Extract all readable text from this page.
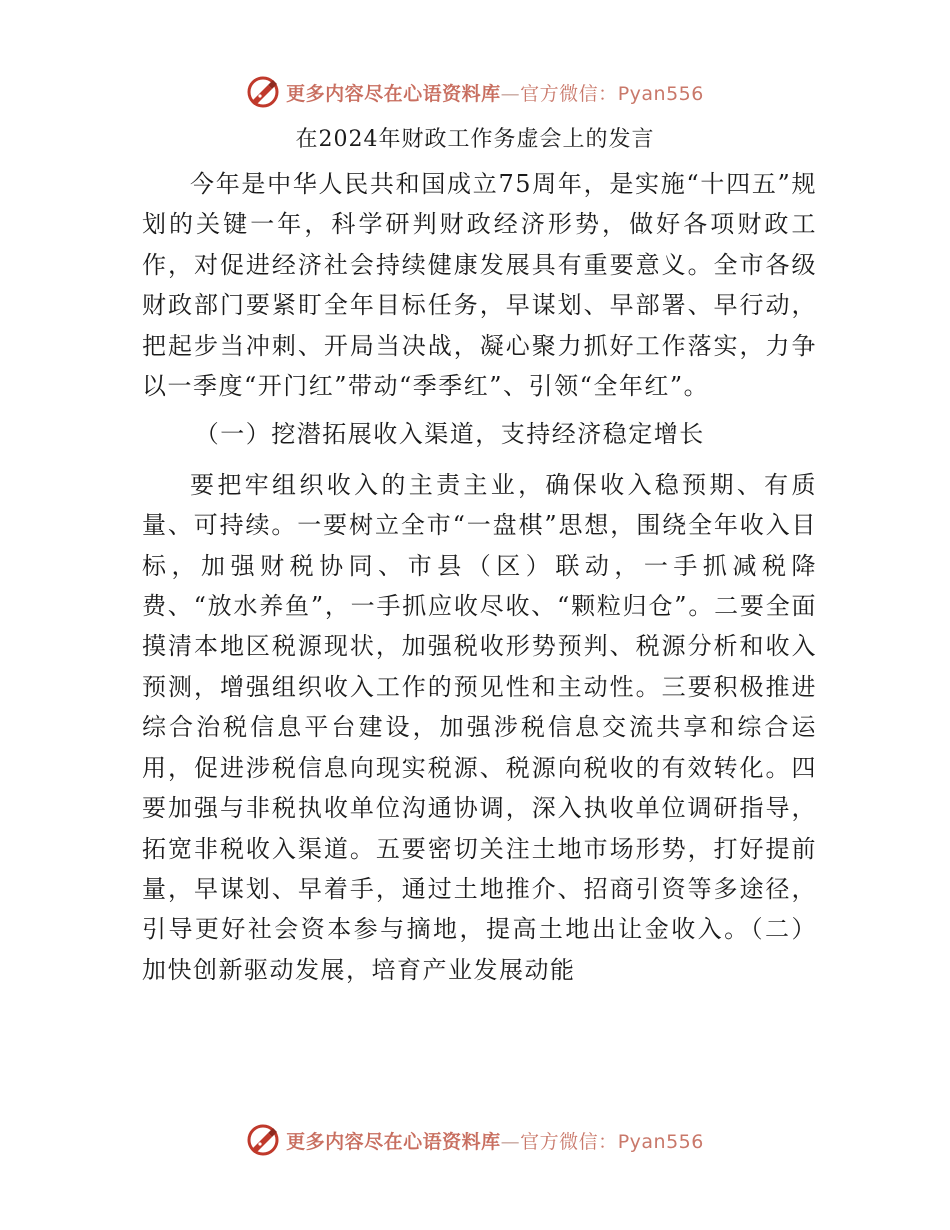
更多内容尽在心语资料库—官方微信：Pyan556
在2024年财政工作务虚会上的发言

今年是中华人民共和国成立75周年，是实施“十四五”规划的关键一年，科学研判财政经济形势，做好各项财政工作，对促进经济社会持续健康发展具有重要意义。全市各级财政部门要紧盯全年目标任务，早谋划、早部署、早行动，把起步当冲刺、开局当决战，凝心聚力抓好工作落实，力争以一季度“开门红”带动“季季红”、引领“全年红”。

（一）挖潜拓展收入渠道，支持经济稳定增长

要把牢组织收入的主责主业，确保收入稳预期、有质量、可持续。一要树立全市“一盘棋”思想，围绕全年收入目标，加强财税协同、市县（区）联动，一手抓减税降费、“放水养鱼”，一手抓应收尽收、“颗粒归仓”。二要全面摸清本地区税源现状，加强税收形势预判、税源分析和收入预测，增强组织收入工作的预见性和主动性。三要积极推进综合治税信息平台建设，加强涉税信息交流共享和综合运用，促进涉税信息向现实税源、税源向税收的有效转化。四要加强与非税执收单位沟通协调，深入执收单位调研指导，拓宽非税收入渠道。五要密切关注土地市场形势，打好提前量，早谋划、早着手，通过土地推介、招商引资等多途径，引导更好社会资本参与摘地，提高土地出让金收入。（二）加快创新驱动发展，培育产业发展动能

更多内容尽在心语资料库—官方微信：Pyan556
